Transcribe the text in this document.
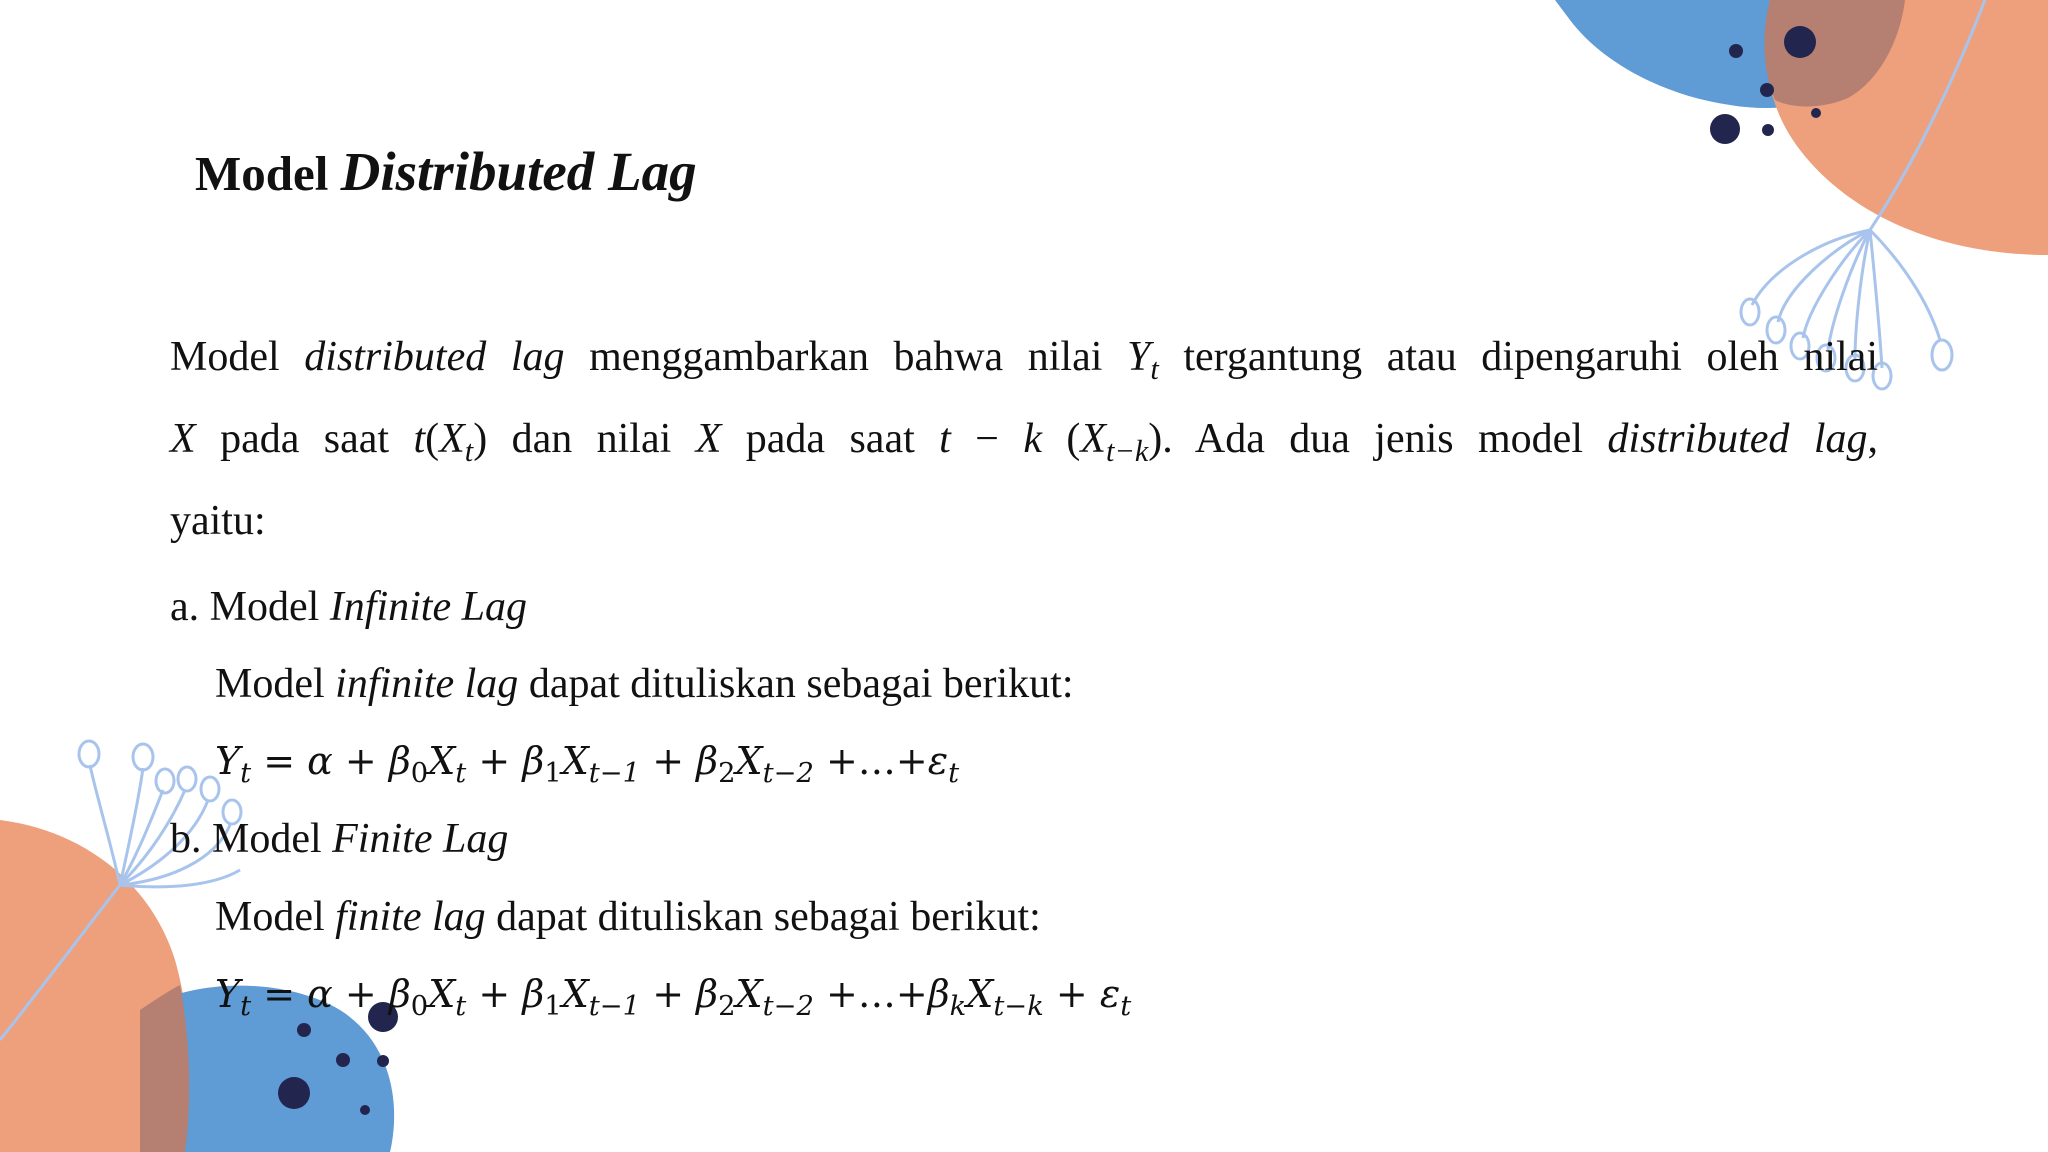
Model Distributed Lag
Model distributed lag menggambarkan bahwa nilai $Y_t$ tergantung atau dipengaruhi oleh nilai
X pada saat $t(X_t)$ dan nilai X pada saat t − k $(X_{t-k})$. Ada dua jenis model distributed lag,
yaitu:
a. Model Infinite Lag
Model infinite lag dapat dituliskan sebagai berikut:
$Y_t = \alpha + \beta_0X_t + \beta_1X_{t-1} + \beta_2X_{t-2}$ $+\dots+\varepsilon_t$
b. Model Finite Lag
Model finite lag dapat dituliskan sebagai berikut:
$Y_t = \alpha + \beta_0X_t + \beta_1X_{t-1} + \beta_2X_{t-2}$ $+\dots+\beta_kX_{t-k} + \varepsilon_t$
